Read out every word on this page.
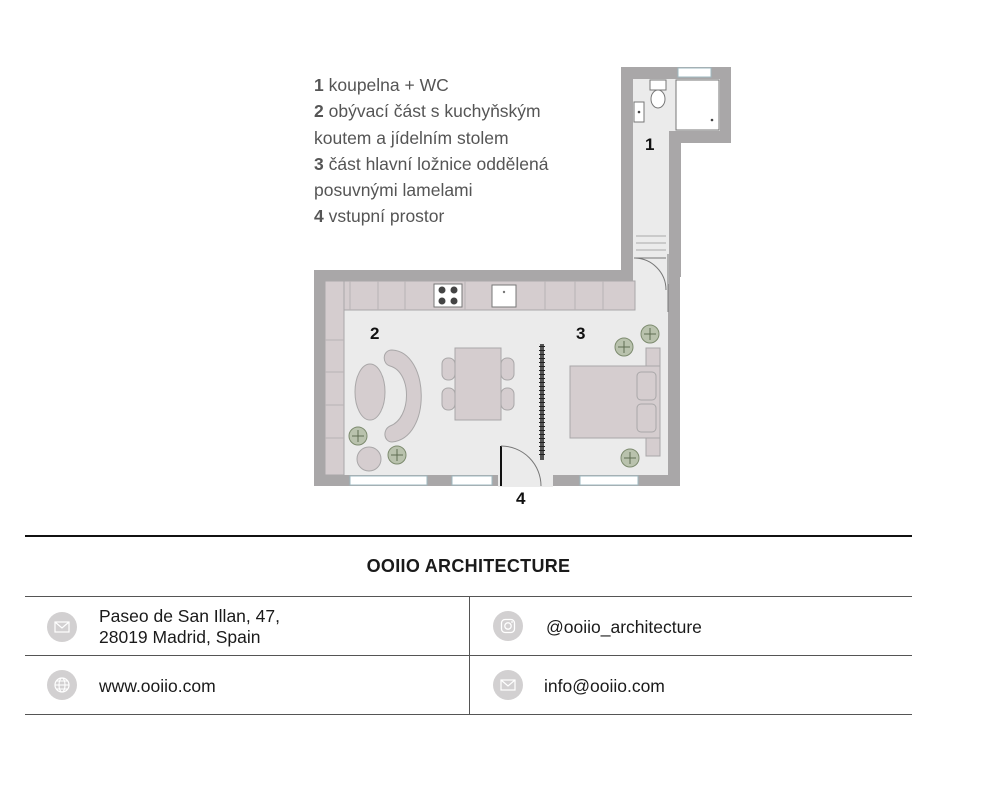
1 koupelna + WC
2 obývací část s kuchyňským
koutem a jídelním stolem
3 část hlavní ložnice oddělená
posuvnými lamelami
4 vstupní prostor
1
2	3
4
OOIIO ARCHITECTURE
Paseo de San Illan, 47,
28019 Madrid, Spain	@ooiio_architecture
www.ooiio.com	info@ooiio.com
